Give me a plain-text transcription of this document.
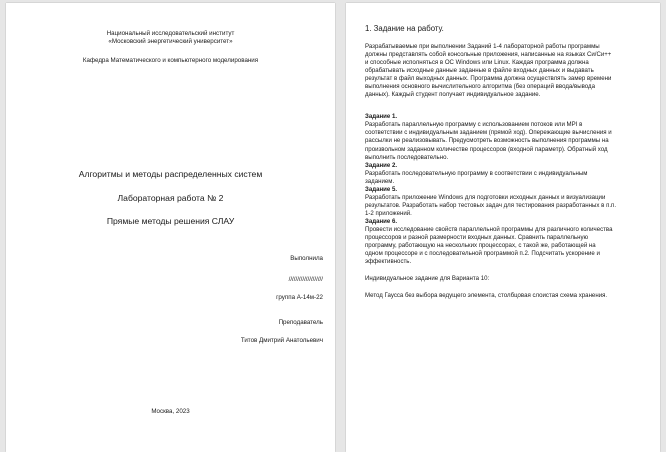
Национальный исследовательский институт

«Московский энергетический университет»

Кафедра Математического и компьютерного моделирования

Алгоритмы и методы распределенных систем

Лабораторная работа № 2

Прямые методы решения СЛАУ

Выполнила

////////////////////

группа А-14м-22

Преподаватель

Титов Дмитрий Анатольевич

Москва, 2023

1. Задание на работу.

Разрабатываемые при выполнении Заданий 1-4 лабораторной работы программы

должны представлять собой консольные приложения, написанные на языках Си/Си++

и способные исполняться в ОС Windows или Linux. Каждая программа должна

обрабатывать исходные данные заданные в файле входных данных и выдавать

результат в файл выходных данных. Программа должна осуществлять замер времени

выполнения основного вычислительного алгоритма (без операций ввода/вывода

данных). Каждый студент получает индивидуальное задание.

Задание 1.

Разработать параллельную программу с использованием потоков или MPI в

соответствии с индивидуальным заданием (прямой ход). Опережающие вычисления и

рассылки не реализовывать. Предусмотреть возможность выполнения программы на

произвольном заданном количестве процессоров (входной параметр). Обратный ход

выполнить последовательно.

Задание 2.

Разработать последовательную программу в соответствии с индивидуальным

заданием.

Задание 5.

Разработать приложение Windows для подготовки исходных данных и визуализации

результатов. Разработать набор тестовых задач для тестирования разработанных в п.п.

1-2 приложений.

Задание 6.

Провести исследование свойств параллельной программы для различного количества

процессоров и разной размерности входных данных. Сравнить параллельную

программу, работающую на нескольких процессорах, с такой же, работающей на

одном процессоре и с последовательной программой п.2. Подсчитать ускорение и

эффективность.

Индивидуальное задание для Варианта 10:

Метод Гаусса без выбора ведущего элемента, столбцовая слоистая схема хранения.
